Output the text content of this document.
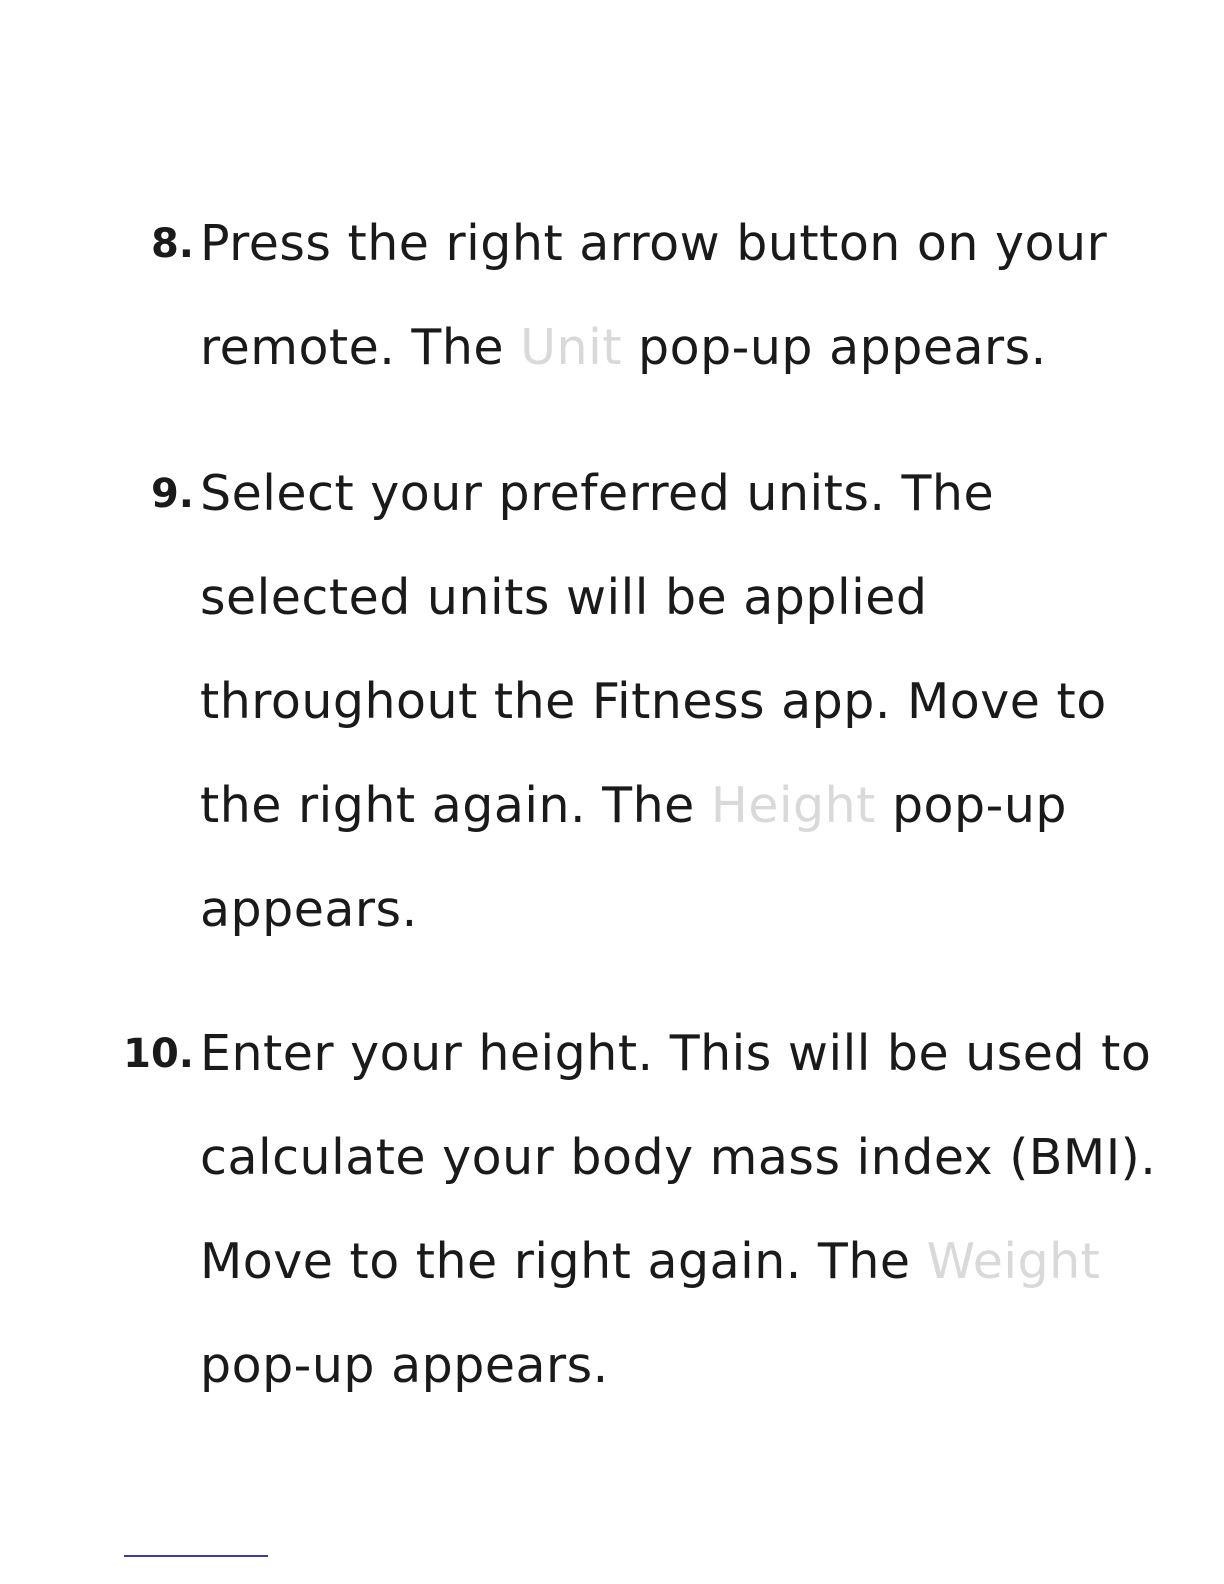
8. Press the right arrow button on your remote. The Unit pop-up appears.
9. Select your preferred units. The selected units will be applied throughout the Fitness app. Move to the right again. The Height pop-up appears.
10. Enter your height. This will be used to calculate your body mass index (BMI). Move to the right again. The Weight pop-up appears.
